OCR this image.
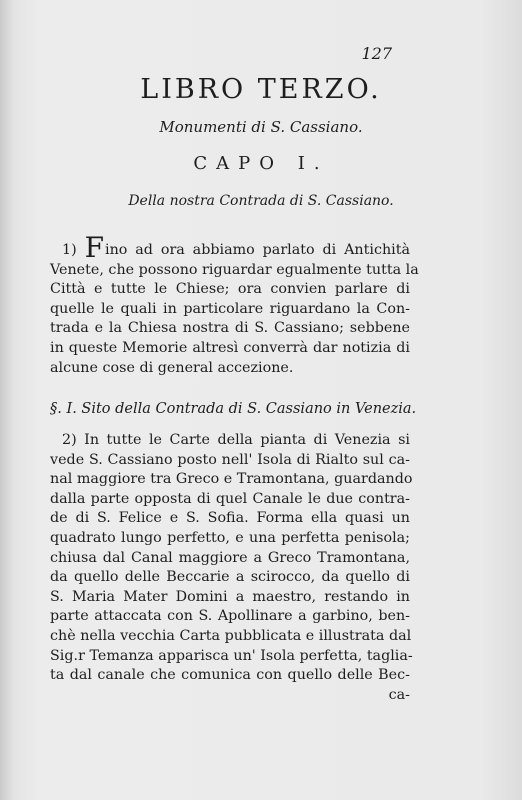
127
LIBRO TERZO.
Monumenti di S. Cassiano.
CAPO I.
Della nostra Contrada di S. Cassiano.
1) Fino ad ora abbiamo parlato di Antichità
Venete, che possono riguardar egualmente tutta la
Città e tutte le Chiese; ora convien parlare di
quelle le quali in particolare riguardano la Con-
trada e la Chiesa nostra di S. Cassiano; sebbene
in queste Memorie altresì converrà dar notizia di
alcune cose di general accezione.
§. I. Sito della Contrada di S. Cassiano in Venezia.
2) In tutte le Carte della pianta di Venezia si
vede S. Cassiano posto nell' Isola di Rialto sul ca-
nal maggiore tra Greco e Tramontana, guardando
dalla parte opposta di quel Canale le due contra-
de di S. Felice e S. Sofia. Forma ella quasi un
quadrato lungo perfetto, e una perfetta penisola;
chiusa dal Canal maggiore a Greco Tramontana,
da quello delle Beccarie a scirocco, da quello di
S. Maria Mater Domini a maestro, restando in
parte attaccata con S. Apollinare a garbino, ben-
chè nella vecchia Carta pubblicata e illustrata dal
Sig.r Temanza apparisca un' Isola perfetta, taglia-
ta dal canale che comunica con quello delle Bec-
ca-
